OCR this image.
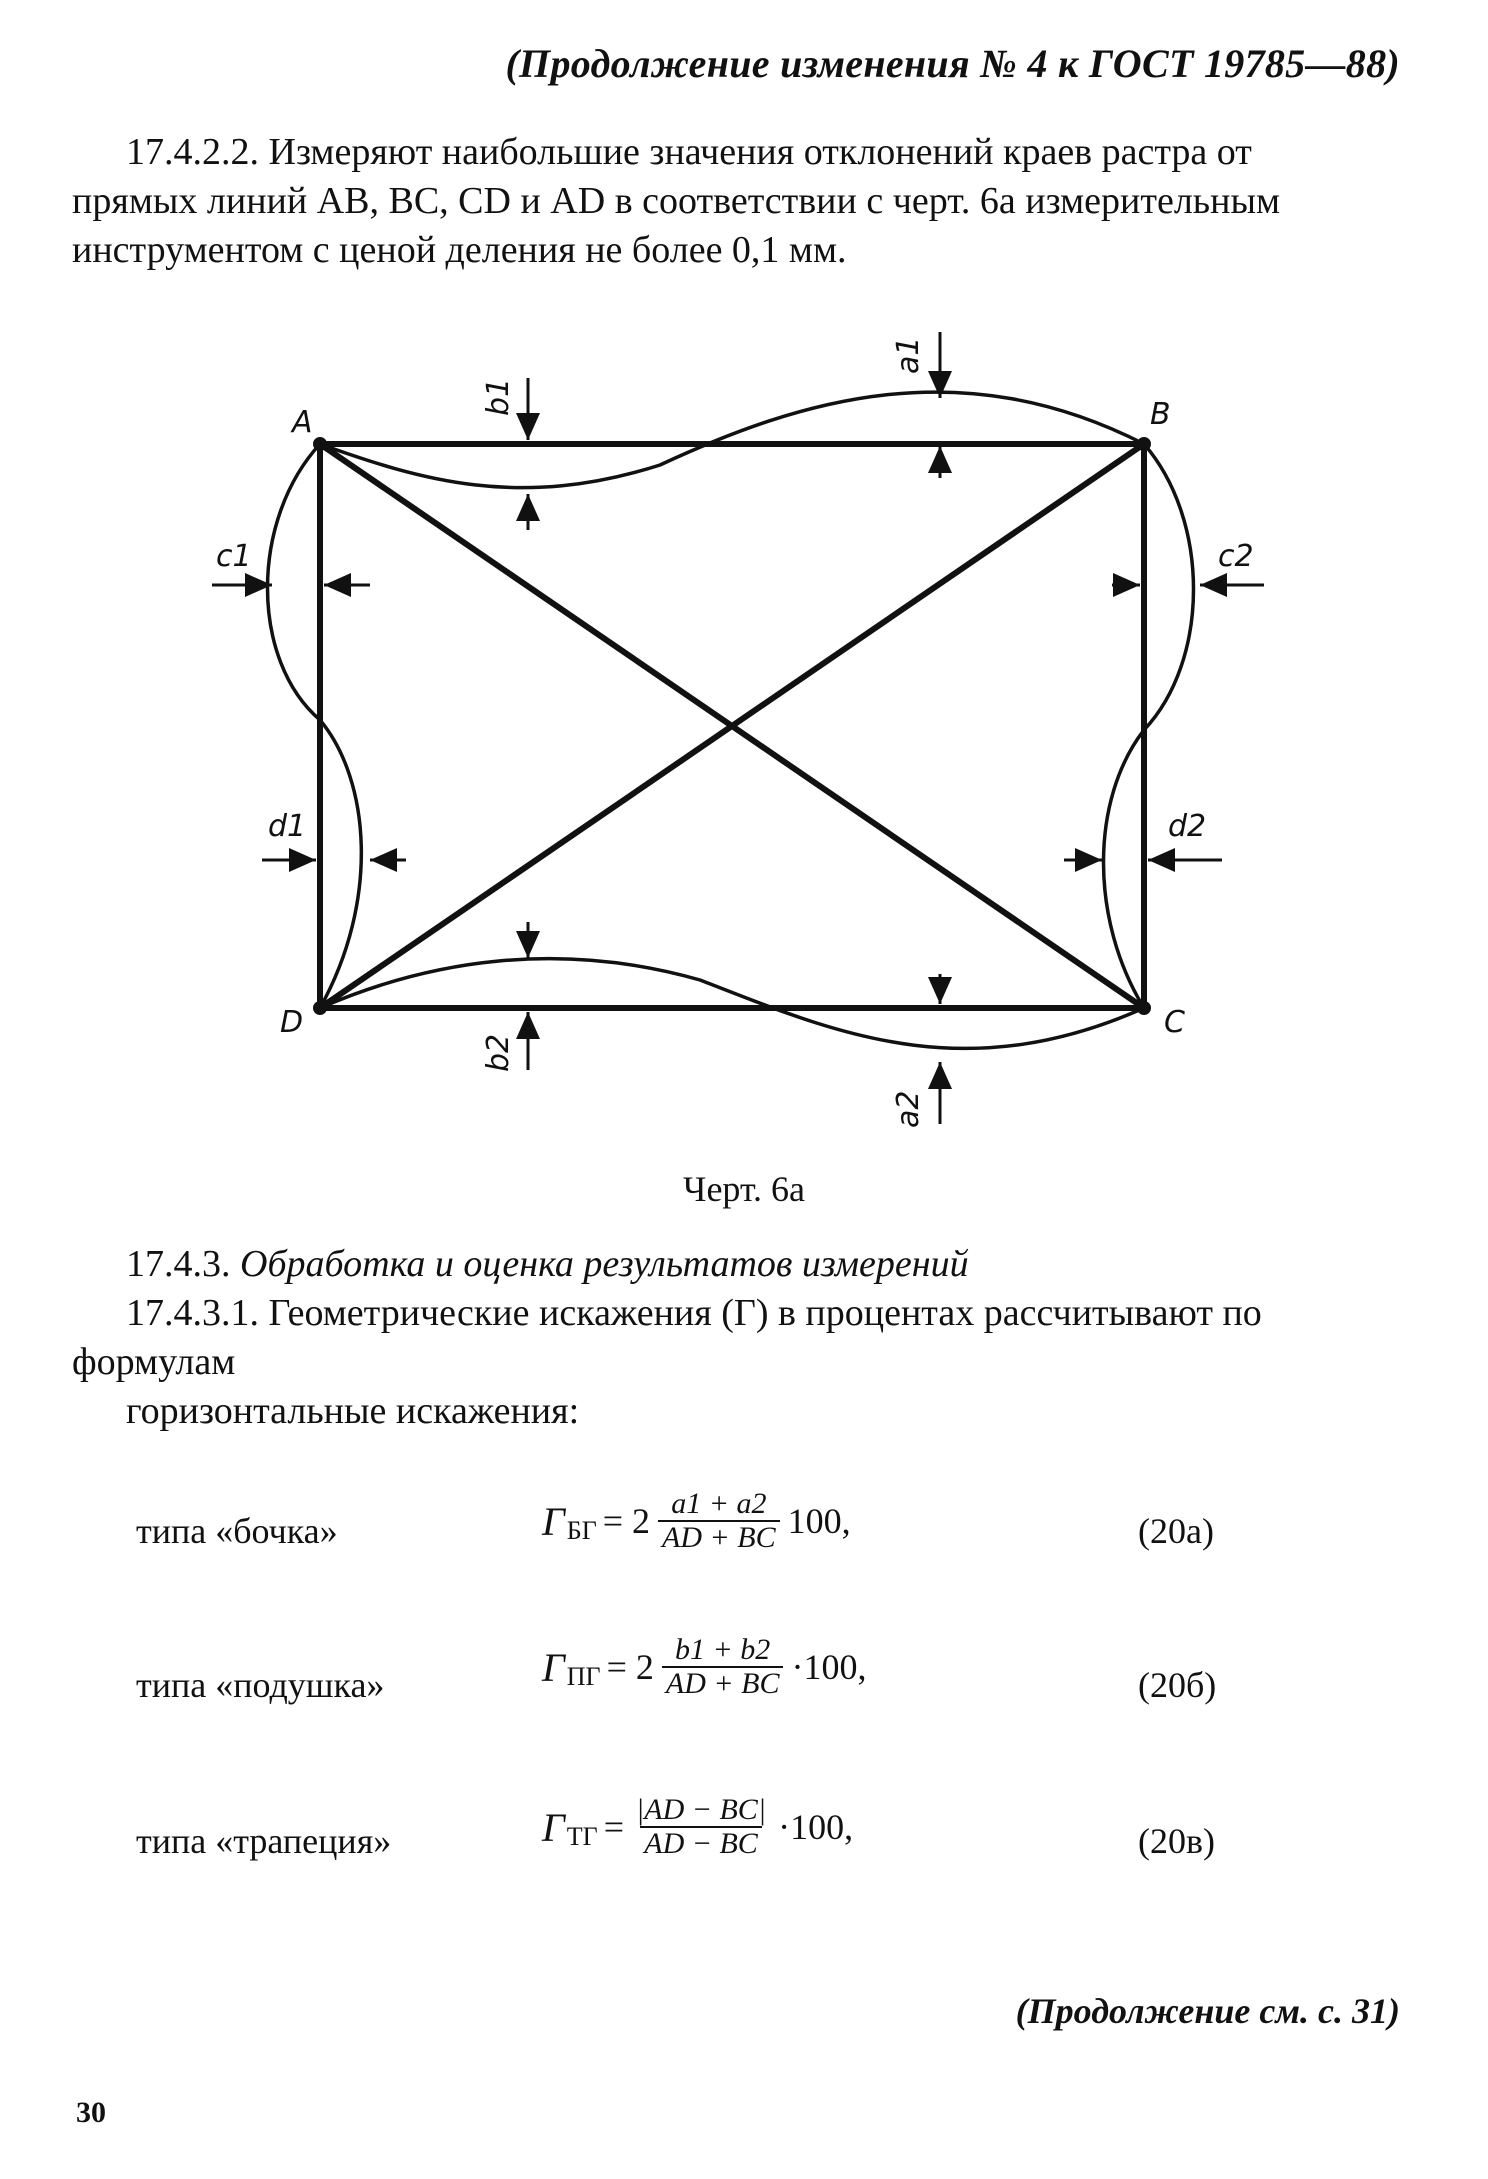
(Продолжение изменения № 4 к ГОСТ 19785—88)
17.4.2.2. Измеряют наибольшие значения отклонений краев растра от
прямых линий AB, BC, CD и AD в соответствии с черт. 6а измерительным
инструментом с ценой деления не более 0,1 мм.
A	B
C
D
a1
b1
b2
a2
c1	c2
d1	d2
Черт. 6а
17.4.3. Обработка и оценка результатов измерений
17.4.3.1. Геометрические искажения (Г) в процентах рассчитывают по
формулам
горизонтальные искажения:
типа «бочка»	Г БГ = $2 \frac{a1 + a2}{AD + BC} 100$,	(20а)
типа «подушка»	Г ПГ = $2 \frac{b1 + b2}{AD + BC} \cdot 100$,	(20б)
типа «трапеция»	Г ТГ = $\frac{|AD - BC|}{AD - BC} \cdot 100$,	(20в)
(Продолжение см. с. 31)
30
